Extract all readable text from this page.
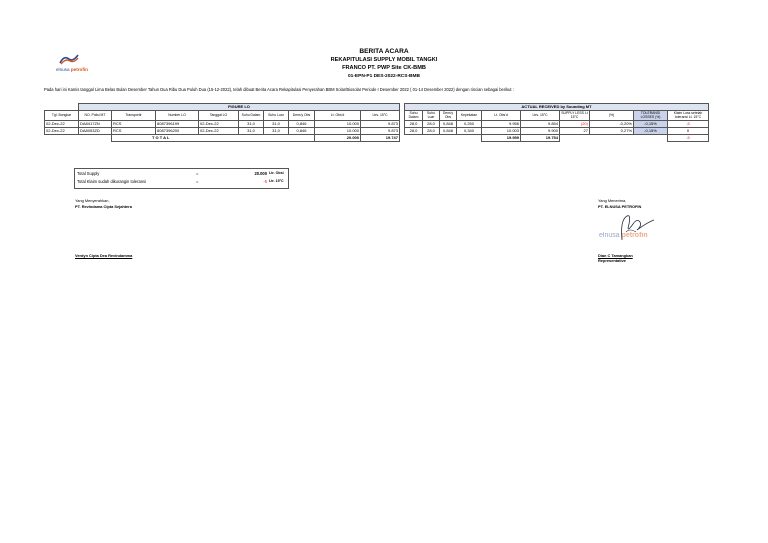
BERITA ACARA
REKAPITULASI SUPPLY MOBIL TANGKI
FRANCO PT. PWP Site CK-BMB
01-EPN-P1 DES-2022-RCS-BMB
elnusa petrofin
Pada hari ini Kamis tanggal Lima Belas Bulan Desember Tahun Dua Ribu Dua Puluh Dua (15-12-2022), telah dibuat Berita Acara Rekapitulasi Penyerahan BBM Solar/Biosolar Periode I Desember 2022 ( 01-14 Desember 2022) dengan rincian sebagai berikut :
	FIGURE LO										ACTUAL RECEIVED by Sounding MT									
Tgl. Bongkar	NO. Polisi MT	Transportir	Number LO	Tanggal LO	Suhu Dalam	Suhu Luar	Dens'y Obs	Lt. Obs'd	Ltrs. 15°C		Suhu Dalam	Suhu Luar	Dens'y Obs	Kepekatan	Lt. Obs'd	Ltrs. 15°C	SUPPLY LESS Lt 15°C	(%)	TOLERANSI LOSSES (%)	Klaim Loss setelah toleransi Lt. 15°C
02-Dec-22	DA8417ZN	RCS	8087396199	02-Dec-22	31,0	31,0	0,846	10.000	9.873		28,0	28,0	0,848	0,250	9.956	9.854	(20)	-0,20%	-0,15%	-5
02-Dec-22	DA8053ZD	RCS	8087396200	02-Dec-22	31,0	31,0	0,846	10.000	9.873		28,0	28,0	0,848	0,340	10.003	9.900	27	0,27%	-0,15%	0
		T O T A L						20.000	19.747						19.959	19.754				-5
Total Supply	=	20.000 Ltr. Obsl
Total Klaim sudah dikurangin toleransi	=	-5 Ltr. 15°C
Yang Menyerahkan,
PT. Revindama Cipta Sejahtera
Verdyn Cipta Dea Revindamma
Yang Menerima,
PT. ELNUSA PETROFIN
elnusa petrofin
Dian C Tamangkan
Representative
